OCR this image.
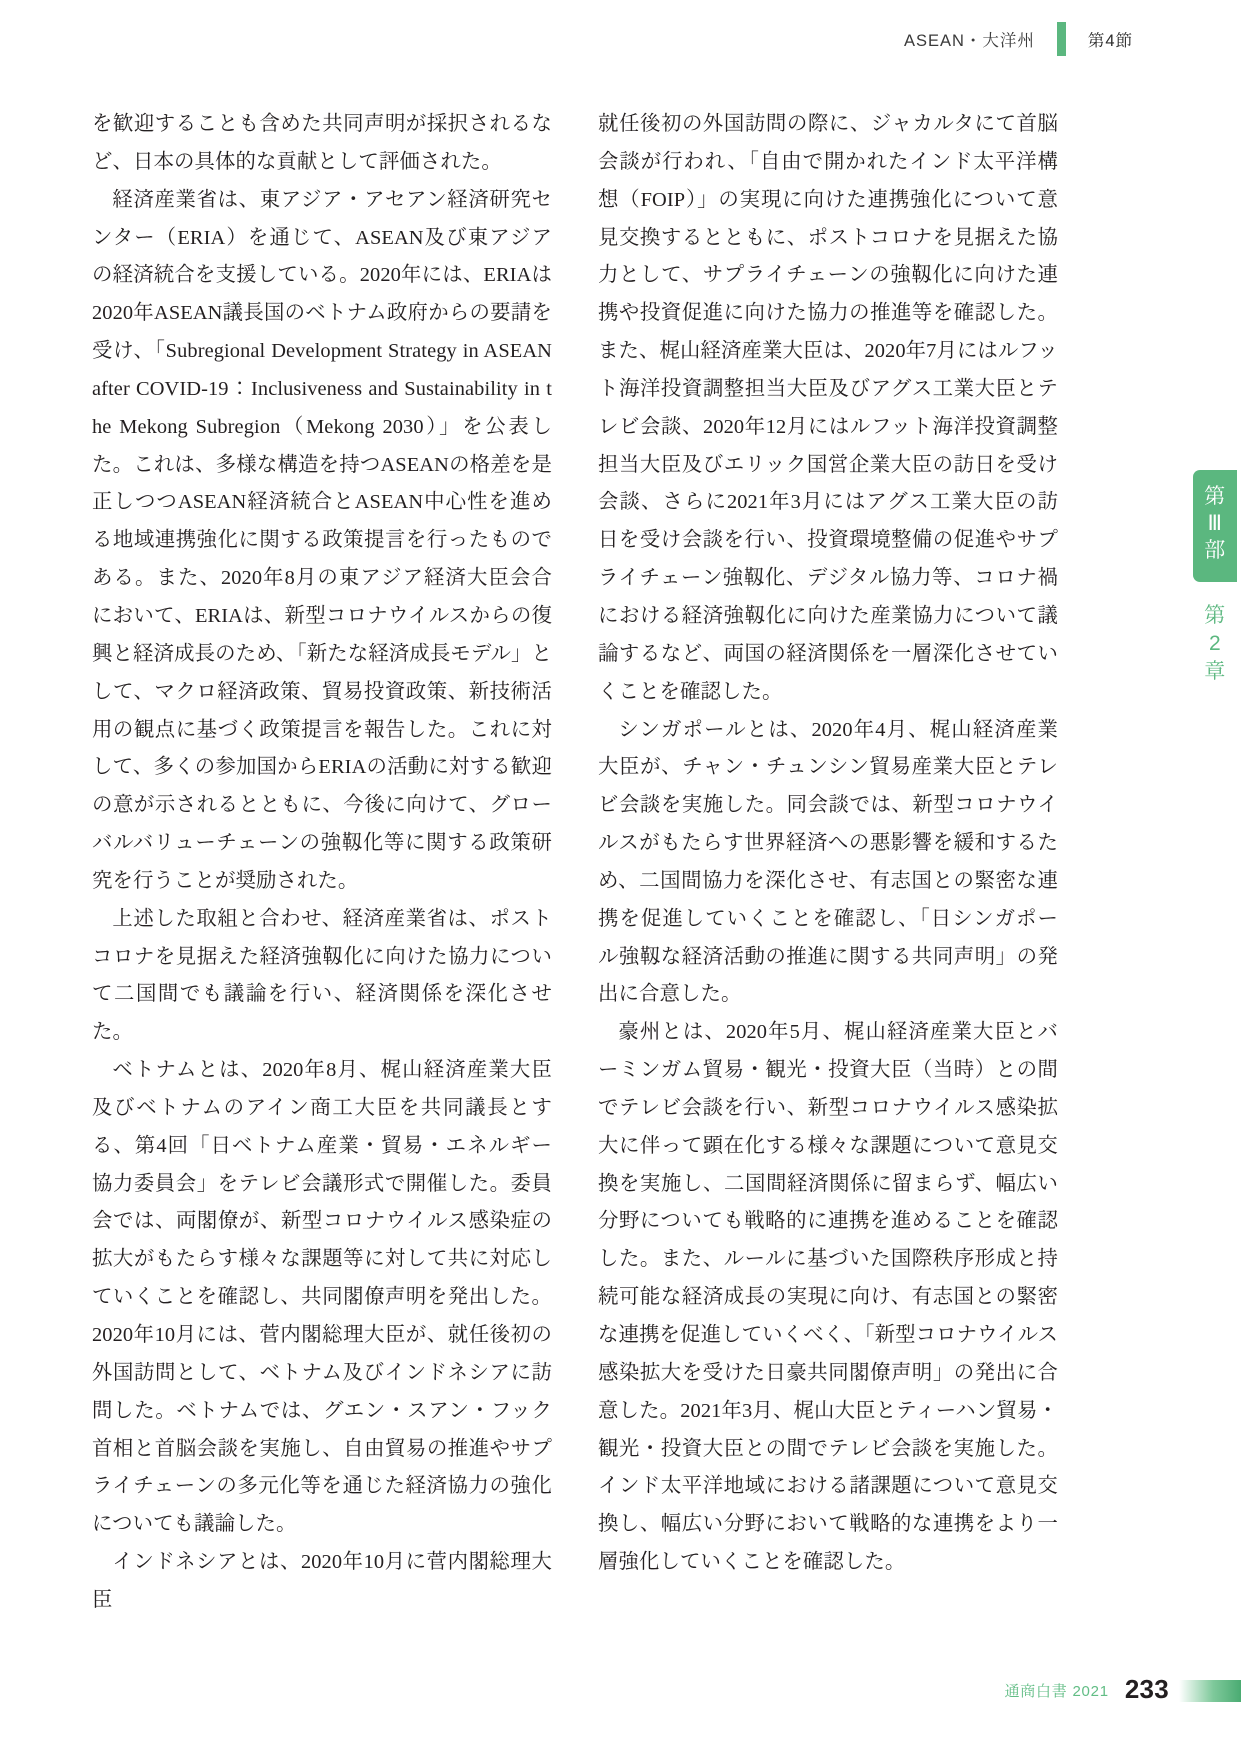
ASEAN・大洋州	第4節

を歓迎することも含めた共同声明が採択されるなど、日本の具体的な貢献として評価された。

経済産業省は、東アジア・アセアン経済研究センター（ERIA）を通じて、ASEAN及び東アジアの経済統合を支援している。2020年には、ERIAは2020年ASEAN議長国のベトナム政府からの要請を受け、「Subregional Development Strategy in ASEAN after COVID-19：Inclusiveness and Sustainability in the Mekong Subregion（Mekong 2030）」を公表した。これは、多様な構造を持つASEANの格差を是正しつつASEAN経済統合とASEAN中心性を進める地域連携強化に関する政策提言を行ったものである。また、2020年8月の東アジア経済大臣会合において、ERIAは、新型コロナウイルスからの復興と経済成長のため、「新たな経済成長モデル」として、マクロ経済政策、貿易投資政策、新技術活用の観点に基づく政策提言を報告した。これに対して、多くの参加国からERIAの活動に対する歓迎の意が示されるとともに、今後に向けて、グローバルバリューチェーンの強靱化等に関する政策研究を行うことが奨励された。

上述した取組と合わせ、経済産業省は、ポストコロナを見据えた経済強靱化に向けた協力について二国間でも議論を行い、経済関係を深化させた。

ベトナムとは、2020年8月、梶山経済産業大臣及びベトナムのアイン商工大臣を共同議長とする、第4回「日ベトナム産業・貿易・エネルギー協力委員会」をテレビ会議形式で開催した。委員会では、両閣僚が、新型コロナウイルス感染症の拡大がもたらす様々な課題等に対して共に対応していくことを確認し、共同閣僚声明を発出した。2020年10月には、菅内閣総理大臣が、就任後初の外国訪問として、ベトナム及びインドネシアに訪問した。ベトナムでは、グエン・スアン・フック首相と首脳会談を実施し、自由貿易の推進やサプライチェーンの多元化等を通じた経済協力の強化についても議論した。

インドネシアとは、2020年10月に菅内閣総理大臣

就任後初の外国訪問の際に、ジャカルタにて首脳会談が行われ、「自由で開かれたインド太平洋構想（FOIP）」の実現に向けた連携強化について意見交換するとともに、ポストコロナを見据えた協力として、サプライチェーンの強靱化に向けた連携や投資促進に向けた協力の推進等を確認した。また、梶山経済産業大臣は、2020年7月にはルフット海洋投資調整担当大臣及びアグス工業大臣とテレビ会談、2020年12月にはルフット海洋投資調整担当大臣及びエリック国営企業大臣の訪日を受け会談、さらに2021年3月にはアグス工業大臣の訪日を受け会談を行い、投資環境整備の促進やサプライチェーン強靱化、デジタル協力等、コロナ禍における経済強靱化に向けた産業協力について議論するなど、両国の経済関係を一層深化させていくことを確認した。

シンガポールとは、2020年4月、梶山経済産業大臣が、チャン・チュンシン貿易産業大臣とテレビ会談を実施した。同会談では、新型コロナウイルスがもたらす世界経済への悪影響を緩和するため、二国間協力を深化させ、有志国との緊密な連携を促進していくことを確認し、「日シンガポール強靱な経済活動の推進に関する共同声明」の発出に合意した。

豪州とは、2020年5月、梶山経済産業大臣とバーミンガム貿易・観光・投資大臣（当時）との間でテレビ会談を行い、新型コロナウイルス感染拡大に伴って顕在化する様々な課題について意見交換を実施し、二国間経済関係に留まらず、幅広い分野についても戦略的に連携を進めることを確認した。また、ルールに基づいた国際秩序形成と持続可能な経済成長の実現に向け、有志国との緊密な連携を促進していくべく、「新型コロナウイルス感染拡大を受けた日豪共同閣僚声明」の発出に合意した。2021年3月、梶山大臣とティーハン貿易・観光・投資大臣との間でテレビ会談を実施した。インド太平洋地域における諸課題について意見交換し、幅広い分野において戦略的な連携をより一層強化していくことを確認した。

第
Ⅲ
部
第
2
章
通商白書 2021 233
